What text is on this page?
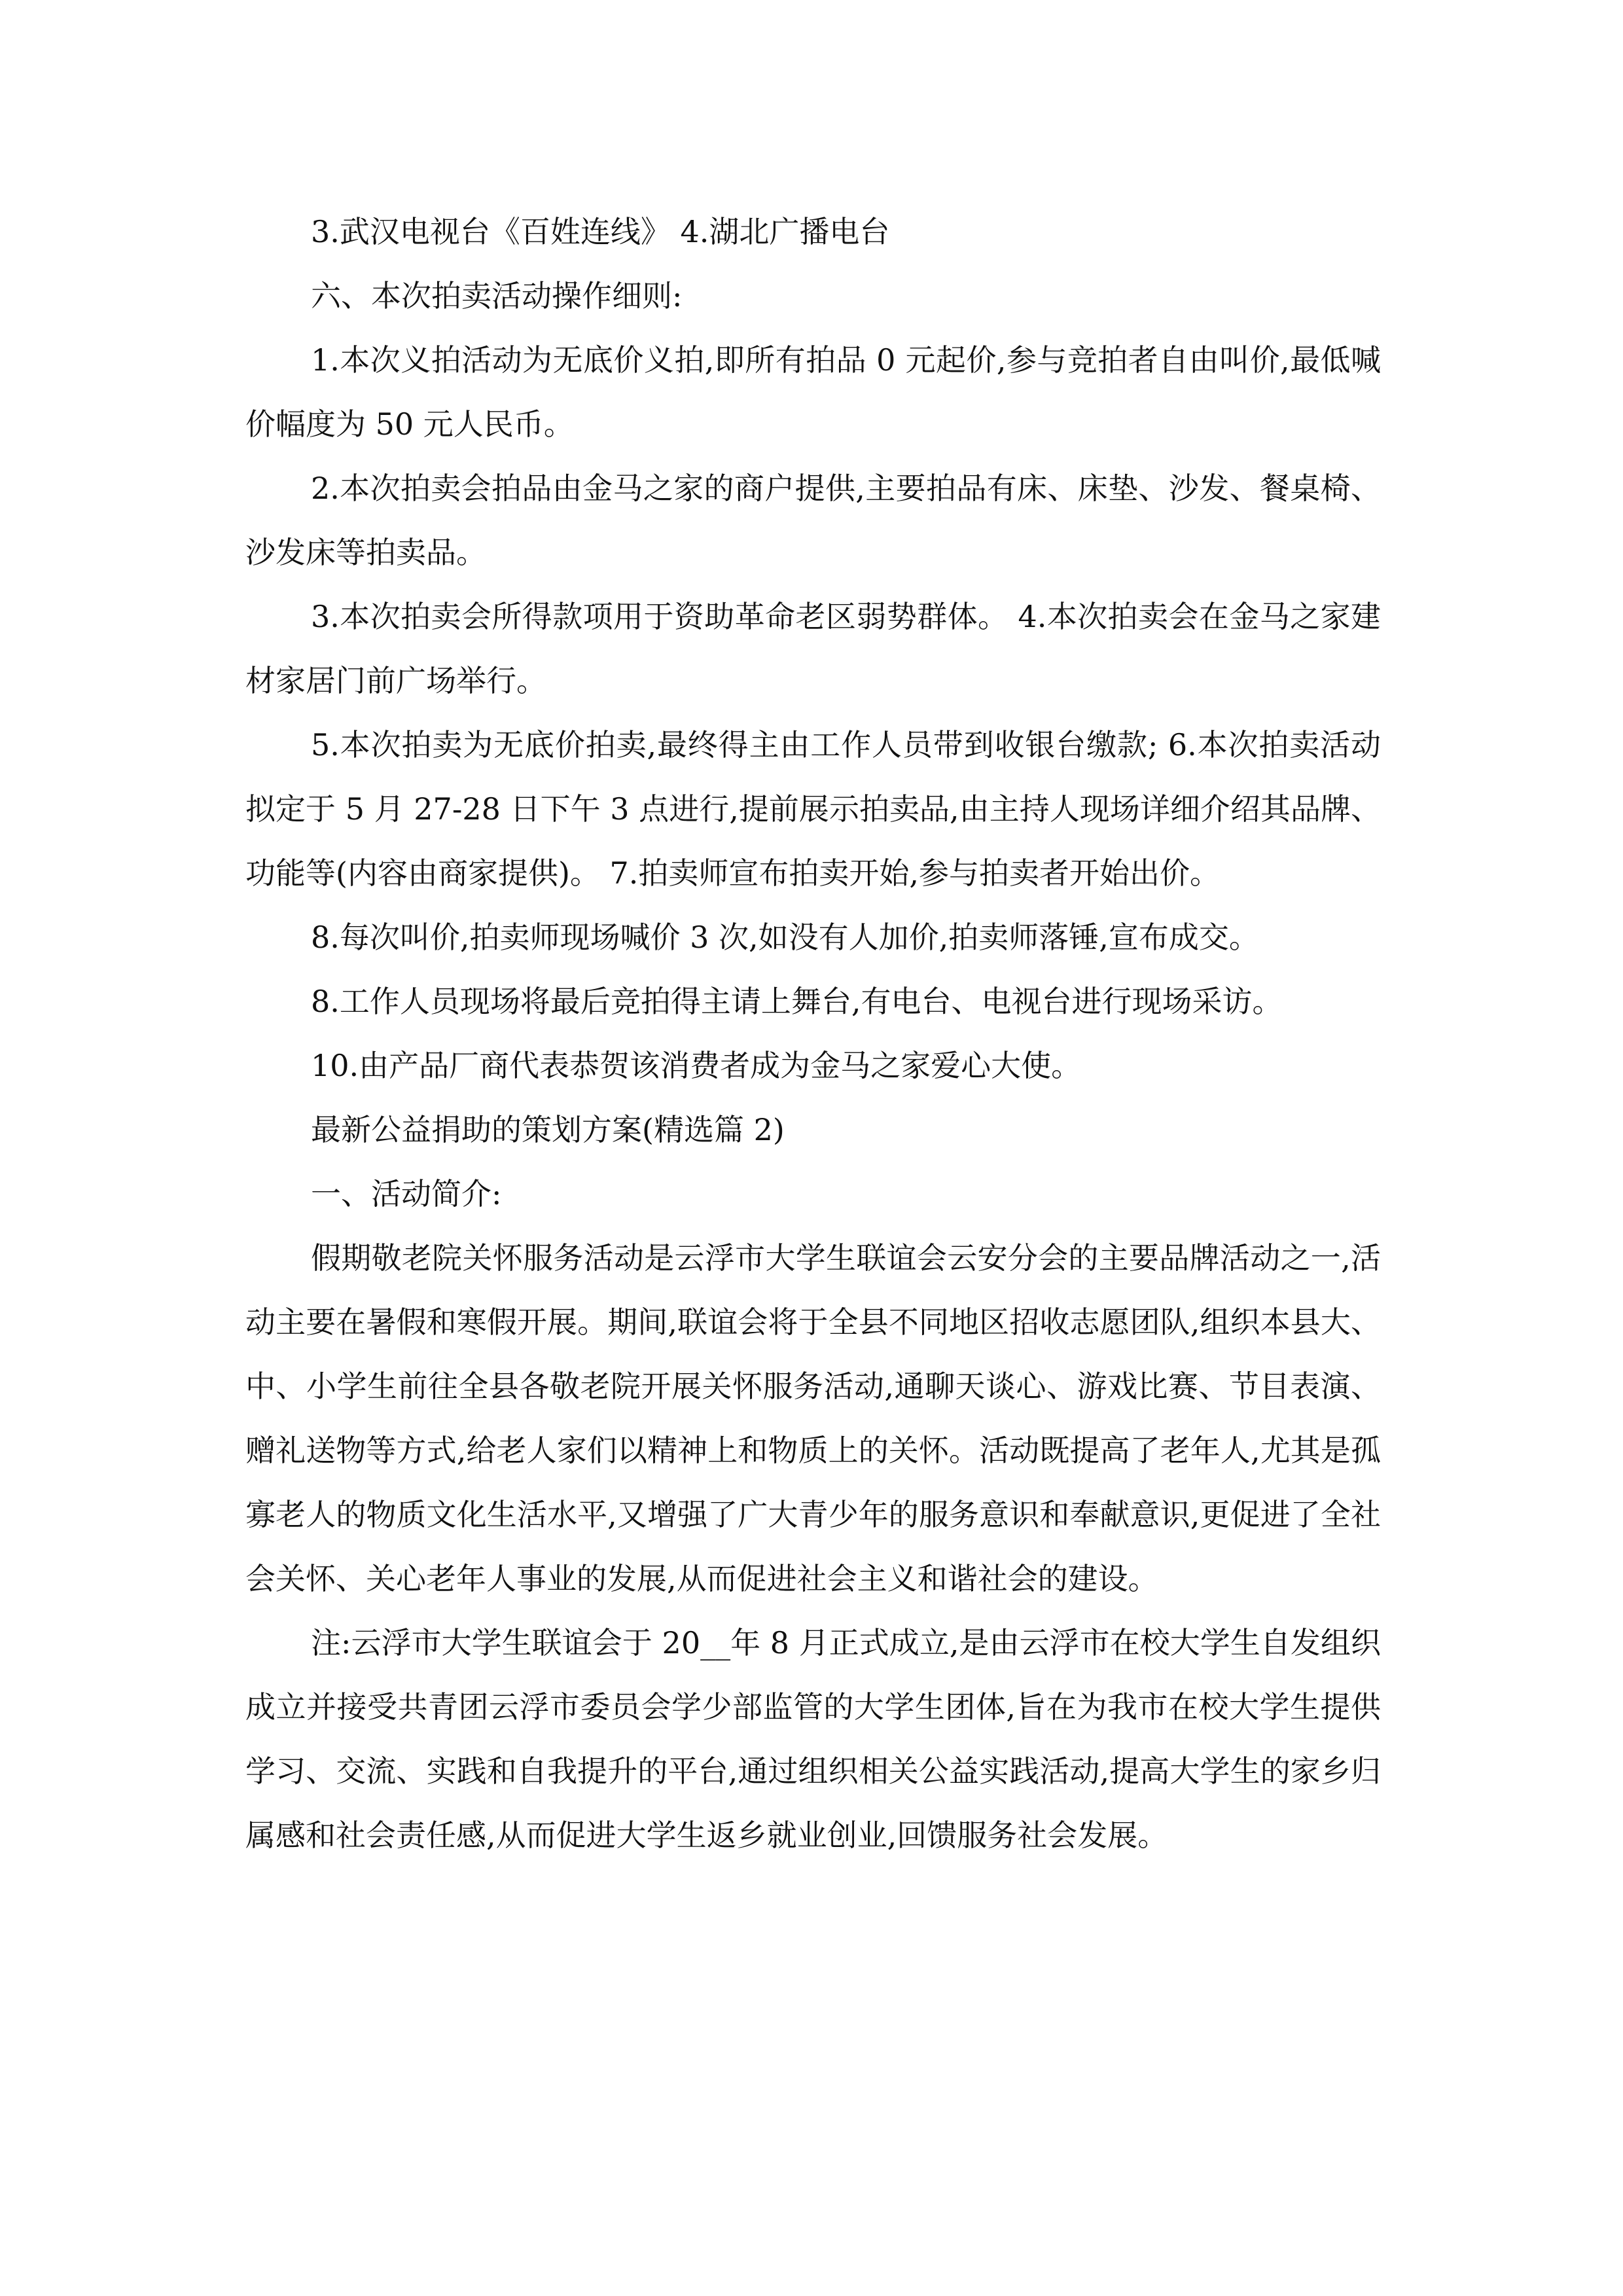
3.武汉电视台《百姓连线》 4.湖北广播电台

六、本次拍卖活动操作细则:

1.本次义拍活动为无底价义拍,即所有拍品 0 元起价,参与竞拍者自由叫价,最低喊价幅度为 50 元人民币。

2.本次拍卖会拍品由金马之家的商户提供,主要拍品有床、床垫、沙发、餐桌椅、沙发床等拍卖品。

3.本次拍卖会所得款项用于资助革命老区弱势群体。 4.本次拍卖会在金马之家建材家居门前广场举行。

5.本次拍卖为无底价拍卖,最终得主由工作人员带到收银台缴款; 6.本次拍卖活动拟定于 5 月 27-28 日下午 3 点进行,提前展示拍卖品,由主持人现场详细介绍其品牌、功能等(内容由商家提供)。 7.拍卖师宣布拍卖开始,参与拍卖者开始出价。

8.每次叫价,拍卖师现场喊价 3 次,如没有人加价,拍卖师落锤,宣布成交。

8.工作人员现场将最后竞拍得主请上舞台,有电台、电视台进行现场采访。

10.由产品厂商代表恭贺该消费者成为金马之家爱心大使。

最新公益捐助的策划方案(精选篇 2)

一、活动简介:

假期敬老院关怀服务活动是云浮市大学生联谊会云安分会的主要品牌活动之一,活动主要在暑假和寒假开展。期间,联谊会将于全县不同地区招收志愿团队,组织本县大、中、小学生前往全县各敬老院开展关怀服务活动,通聊天谈心、游戏比赛、节目表演、赠礼送物等方式,给老人家们以精神上和物质上的关怀。活动既提高了老年人,尤其是孤寡老人的物质文化生活水平,又增强了广大青少年的服务意识和奉献意识,更促进了全社会关怀、关心老年人事业的发展,从而促进社会主义和谐社会的建设。

注:云浮市大学生联谊会于 20__年 8 月正式成立,是由云浮市在校大学生自发组织成立并接受共青团云浮市委员会学少部监管的大学生团体,旨在为我市在校大学生提供学习、交流、实践和自我提升的平台,通过组织相关公益实践活动,提高大学生的家乡归属感和社会责任感,从而促进大学生返乡就业创业,回馈服务社会发展。
